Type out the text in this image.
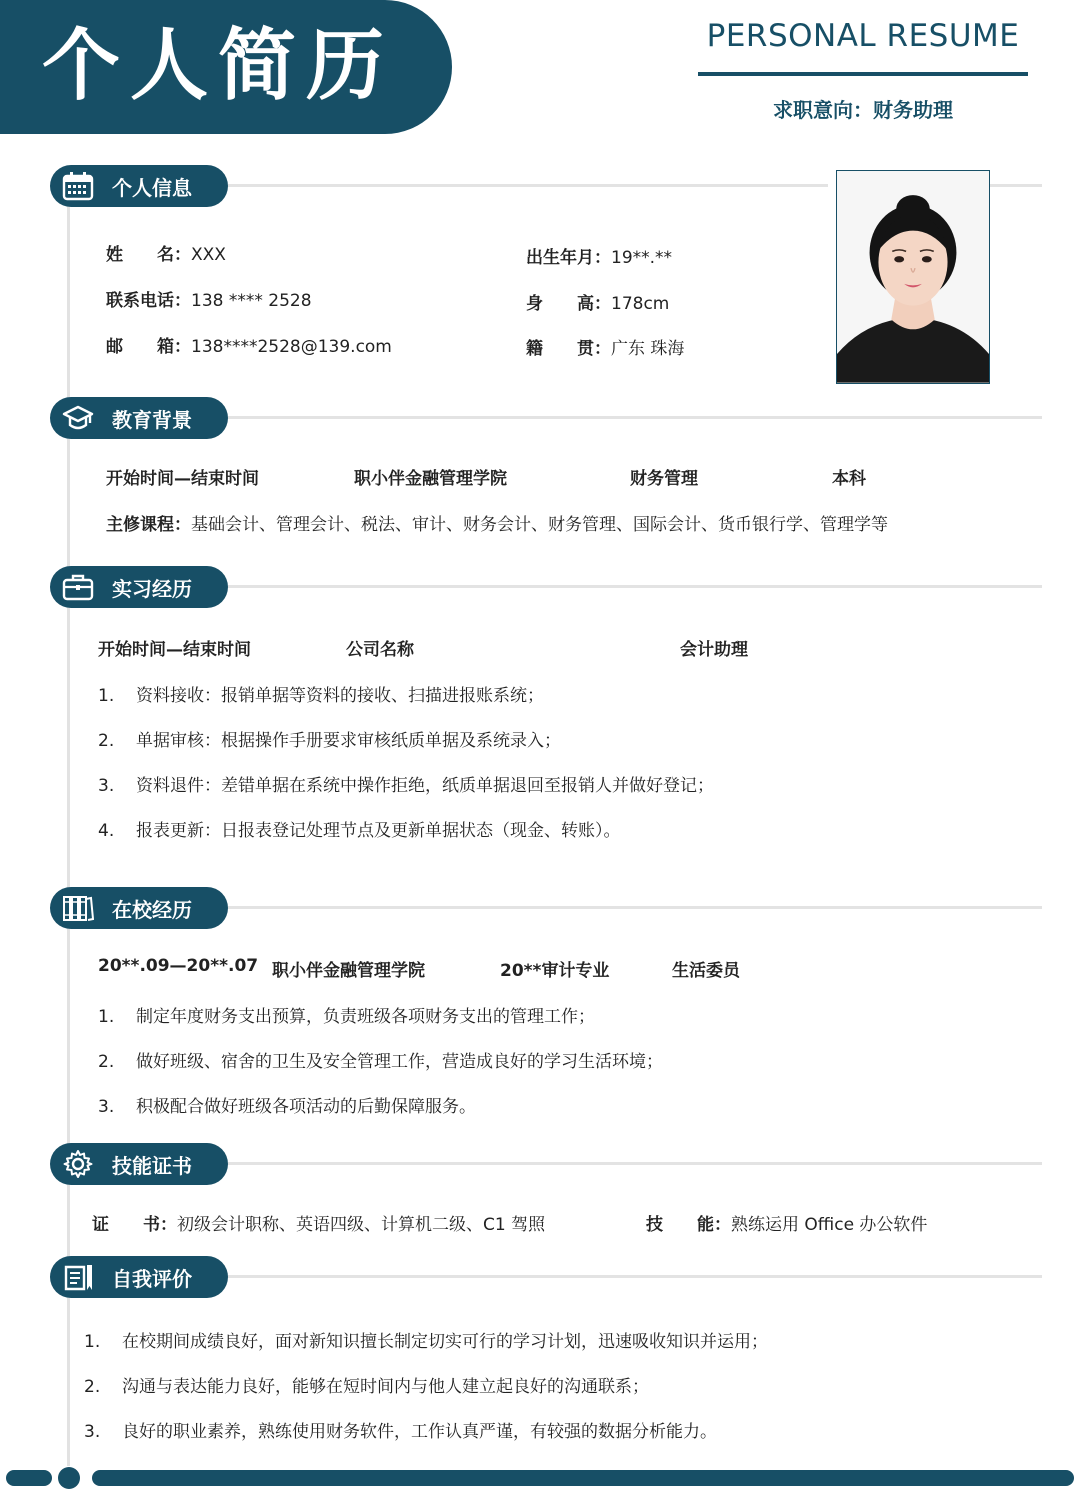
个人简历	PERSONAL RESUME
求职意向：财务助理
个人信息
姓　　名：XXX	出生年月：19**.**
联系电话：138 **** 2528	身　　高：178cm
邮　　箱：138****2528@139.com	籍　　贯：广东 珠海
教育背景
开始时间—结束时间	职小伴金融管理学院	财务管理	本科
主修课程：基础会计、管理会计、税法、审计、财务会计、财务管理、国际会计、货币银行学、管理学等
实习经历
开始时间—结束时间	公司名称	会计助理
1. 资料接收：报销单据等资料的接收、扫描进报账系统；
2. 单据审核：根据操作手册要求审核纸质单据及系统录入；
3. 资料退件：差错单据在系统中操作拒绝，纸质单据退回至报销人并做好登记；
4. 报表更新：日报表登记处理节点及更新单据状态（现金、转账）。
在校经历
20**.09—20**.07 职小伴金融管理学院	20**审计专业	生活委员
1. 制定年度财务支出预算，负责班级各项财务支出的管理工作；
2. 做好班级、宿舍的卫生及安全管理工作，营造成良好的学习生活环境；
3. 积极配合做好班级各项活动的后勤保障服务。
技能证书
证　　书：初级会计职称、英语四级、计算机二级、C1 驾照	技　　能：熟练运用 Office 办公软件
自我评价
1. 在校期间成绩良好，面对新知识擅长制定切实可行的学习计划，迅速吸收知识并运用；
2. 沟通与表达能力良好，能够在短时间内与他人建立起良好的沟通联系；
3. 良好的职业素养，熟练使用财务软件，工作认真严谨，有较强的数据分析能力。
